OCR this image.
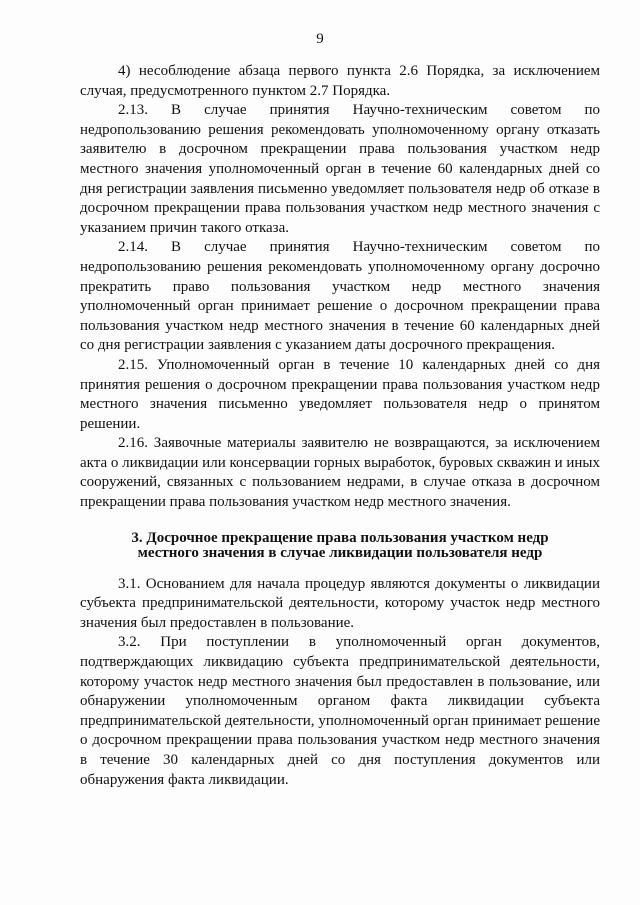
9

4) несоблюдение абзаца первого пункта 2.6 Порядка, за исключением случая, предусмотренного пунктом 2.7 Порядка.

2.13. В случае принятия Научно-техническим советом по недропользованию решения рекомендовать уполномоченному органу отказать заявителю в досрочном прекращении права пользования участком недр местного значения уполномоченный орган в течение 60 календарных дней со дня регистрации заявления письменно уведомляет пользователя недр об отказе в досрочном прекращении права пользования участком недр местного значения с указанием причин такого отказа.

2.14. В случае принятия Научно-техническим советом по недропользованию решения рекомендовать уполномоченному органу досрочно прекратить право пользования участком недр местного значения уполномоченный орган принимает решение о досрочном прекращении права пользования участком недр местного значения в течение 60 календарных дней со дня регистрации заявления с указанием даты досрочного прекращения.

2.15. Уполномоченный орган в течение 10 календарных дней со дня принятия решения о досрочном прекращении права пользования участком недр местного значения письменно уведомляет пользователя недр о принятом решении.

2.16. Заявочные материалы заявителю не возвращаются, за исключением акта о ликвидации или консервации горных выработок, буровых скважин и иных сооружений, связанных с пользованием недрами, в случае отказа в досрочном прекращении права пользования участком недр местного значения.

3. Досрочное прекращение права пользования участком недр
местного значения в случае ликвидации пользователя недр

3.1. Основанием для начала процедур являются документы о ликвидации субъекта предпринимательской деятельности, которому участок недр местного значения был предоставлен в пользование.

3.2. При поступлении в уполномоченный орган документов, подтверждающих ликвидацию субъекта предпринимательской деятельности, которому участок недр местного значения был предоставлен в пользование, или обнаружении уполномоченным органом факта ликвидации субъекта предпринимательской деятельности, уполномоченный орган принимает решение о досрочном прекращении права пользования участком недр местного значения в течение 30 календарных дней со дня поступления документов или обнаружения факта ликвидации.
